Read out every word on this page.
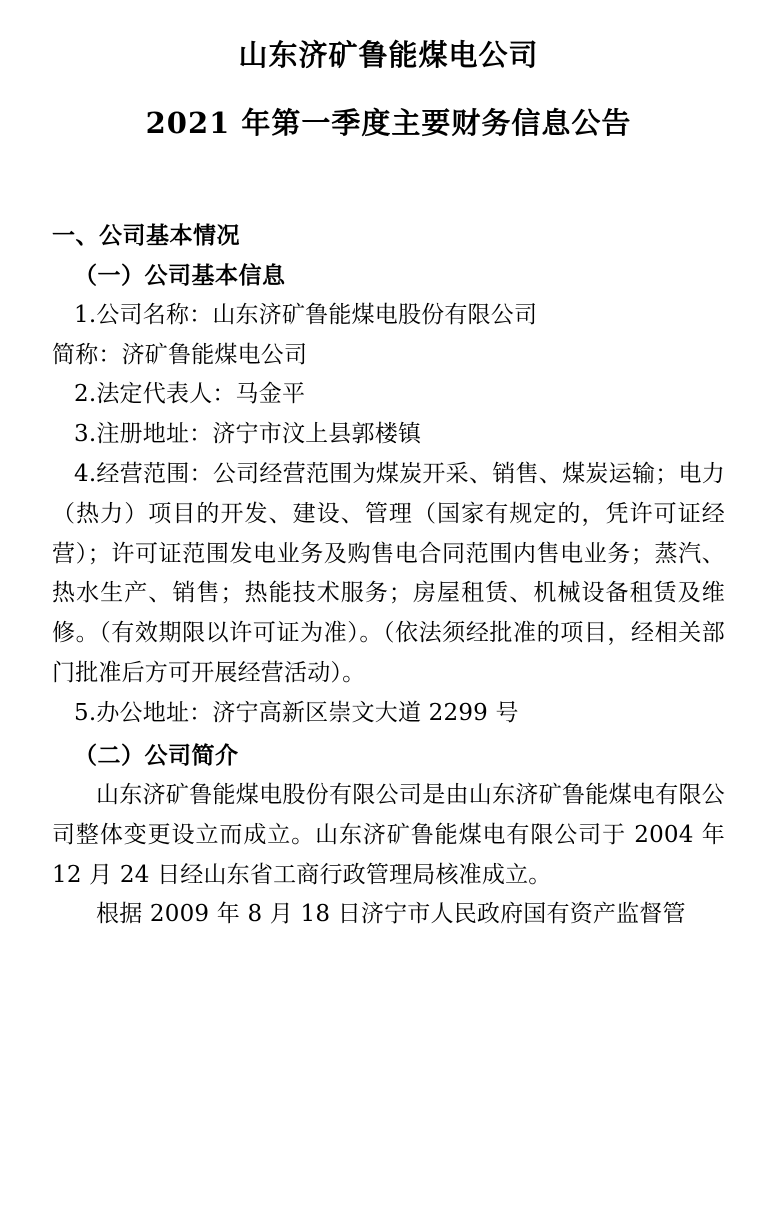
山东济矿鲁能煤电公司
2021 年第一季度主要财务信息公告
一、公司基本情况
（一）公司基本信息

1.公司名称：山东济矿鲁能煤电股份有限公司

简称：济矿鲁能煤电公司

2.法定代表人：马金平

3.注册地址：济宁市汶上县郭楼镇

4.经营范围：公司经营范围为煤炭开采、销售、煤炭运输；电力（热力）项目的开发、建设、管理（国家有规定的，凭许可证经营）；许可证范围发电业务及购售电合同范围内售电业务；蒸汽、热水生产、销售；热能技术服务；房屋租赁、机械设备租赁及维修。（有效期限以许可证为准）。（依法须经批准的项目，经相关部门批准后方可开展经营活动）。

5.办公地址：济宁高新区崇文大道 2299 号

（二）公司简介

山东济矿鲁能煤电股份有限公司是由山东济矿鲁能煤电有限公司整体变更设立而成立。山东济矿鲁能煤电有限公司于 2004 年 12 月 24 日经山东省工商行政管理局核准成立。

根据 2009 年 8 月 18 日济宁市人民政府国有资产监督管
